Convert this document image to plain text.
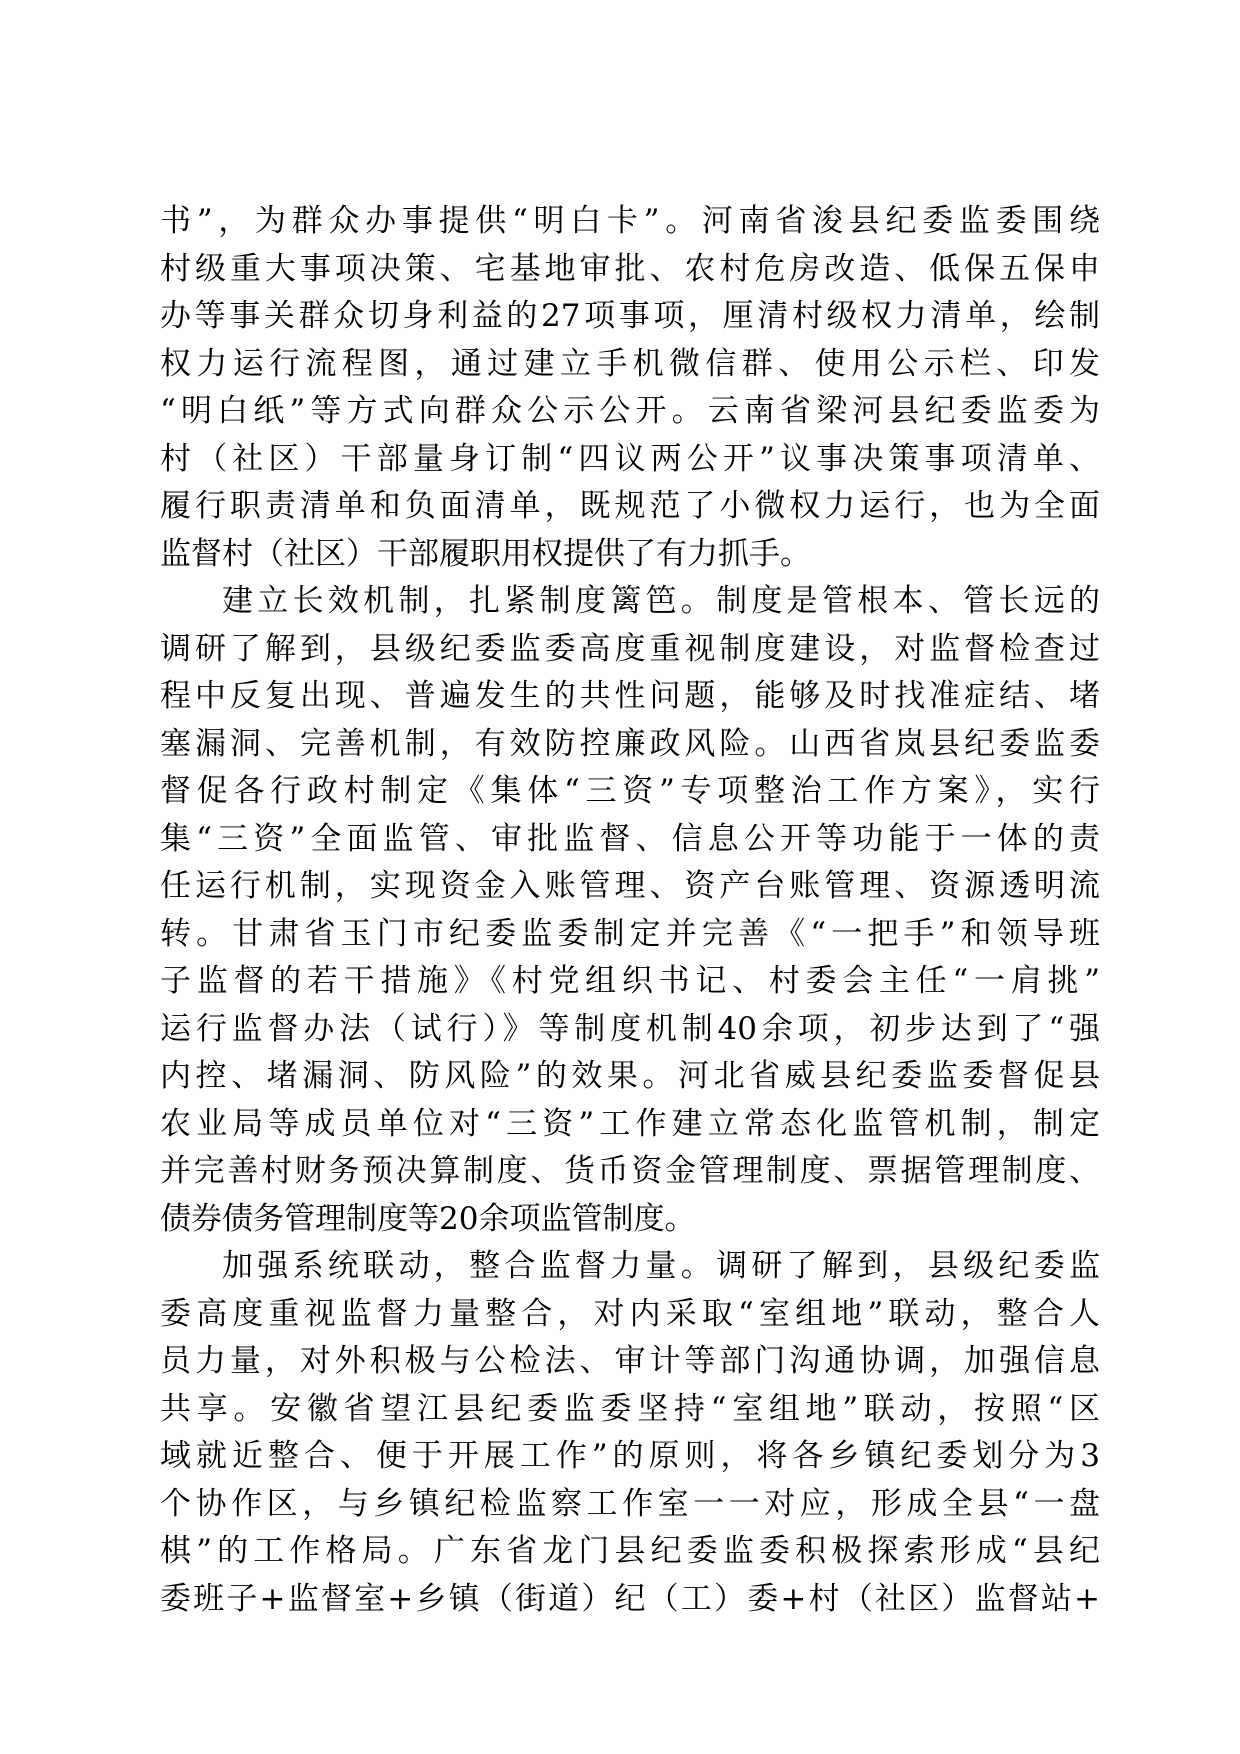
书”，为群众办事提供“明白卡”。河南省浚县纪委监委围绕
村级重大事项决策、宅基地审批、农村危房改造、低保五保申
办等事关群众切身利益的27项事项，厘清村级权力清单，绘制
权力运行流程图，通过建立手机微信群、使用公示栏、印发
“明白纸”等方式向群众公示公开。云南省梁河县纪委监委为
村（社区）干部量身订制“四议两公开”议事决策事项清单、
履行职责清单和负面清单，既规范了小微权力运行，也为全面
监督村（社区）干部履职用权提供了有力抓手。
建立长效机制，扎紧制度篱笆。制度是管根本、管长远的
调研了解到，县级纪委监委高度重视制度建设，对监督检查过
程中反复出现、普遍发生的共性问题，能够及时找准症结、堵
塞漏洞、完善机制，有效防控廉政风险。山西省岚县纪委监委
督促各行政村制定《集体“三资”专项整治工作方案》，实行
集“三资”全面监管、审批监督、信息公开等功能于一体的责
任运行机制，实现资金入账管理、资产台账管理、资源透明流
转。甘肃省玉门市纪委监委制定并完善《“一把手”和领导班
子监督的若干措施》《村党组织书记、村委会主任“一肩挑”
运行监督办法（试行）》等制度机制40余项，初步达到了“强
内控、堵漏洞、防风险”的效果。河北省威县纪委监委督促县
农业局等成员单位对“三资”工作建立常态化监管机制，制定
并完善村财务预决算制度、货币资金管理制度、票据管理制度、
债券债务管理制度等20余项监管制度。
加强系统联动，整合监督力量。调研了解到，县级纪委监
委高度重视监督力量整合，对内采取“室组地”联动，整合人
员力量，对外积极与公检法、审计等部门沟通协调，加强信息
共享。安徽省望江县纪委监委坚持“室组地”联动，按照“区
域就近整合、便于开展工作”的原则，将各乡镇纪委划分为3
个协作区，与乡镇纪检监察工作室一一对应，形成全县“一盘
棋”的工作格局。广东省龙门县纪委监委积极探索形成“县纪
委班子+监督室+乡镇（街道）纪（工）委+村（社区）监督站+
